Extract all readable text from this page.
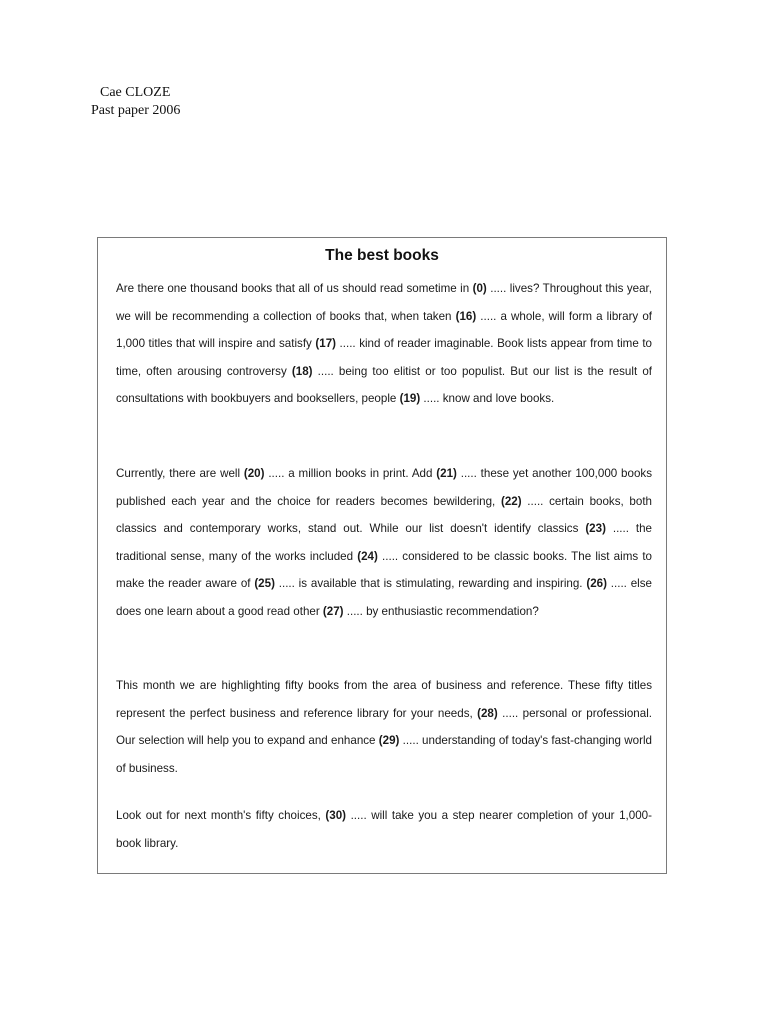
Cae CLOZE
Past paper 2006
The best books
Are there one thousand books that all of us should read sometime in (0) ..... lives? Throughout this year, we will be recommending a collection of books that, when taken (16) ..... a whole, will form a library of 1,000 titles that will inspire and satisfy (17) ..... kind of reader imaginable. Book lists appear from time to time, often arousing controversy (18) ..... being too elitist or too populist. But our list is the result of consultations with bookbuyers and booksellers, people (19) ..... know and love books.
Currently, there are well (20) ..... a million books in print. Add (21) ..... these yet another 100,000 books published each year and the choice for readers becomes bewildering, (22) ..... certain books, both classics and contemporary works, stand out. While our list doesn't identify classics (23) ..... the traditional sense, many of the works included (24) ..... considered to be classic books. The list aims to make the reader aware of (25) ..... is available that is stimulating, rewarding and inspiring. (26) ..... else does one learn about a good read other (27) ..... by enthusiastic recommendation?
This month we are highlighting fifty books from the area of business and reference. These fifty titles represent the perfect business and reference library for your needs, (28) ..... personal or professional. Our selection will help you to expand and enhance (29) ..... understanding of today's fast-changing world of business.
Look out for next month's fifty choices, (30) ..... will take you a step nearer completion of your 1,000-book library.
